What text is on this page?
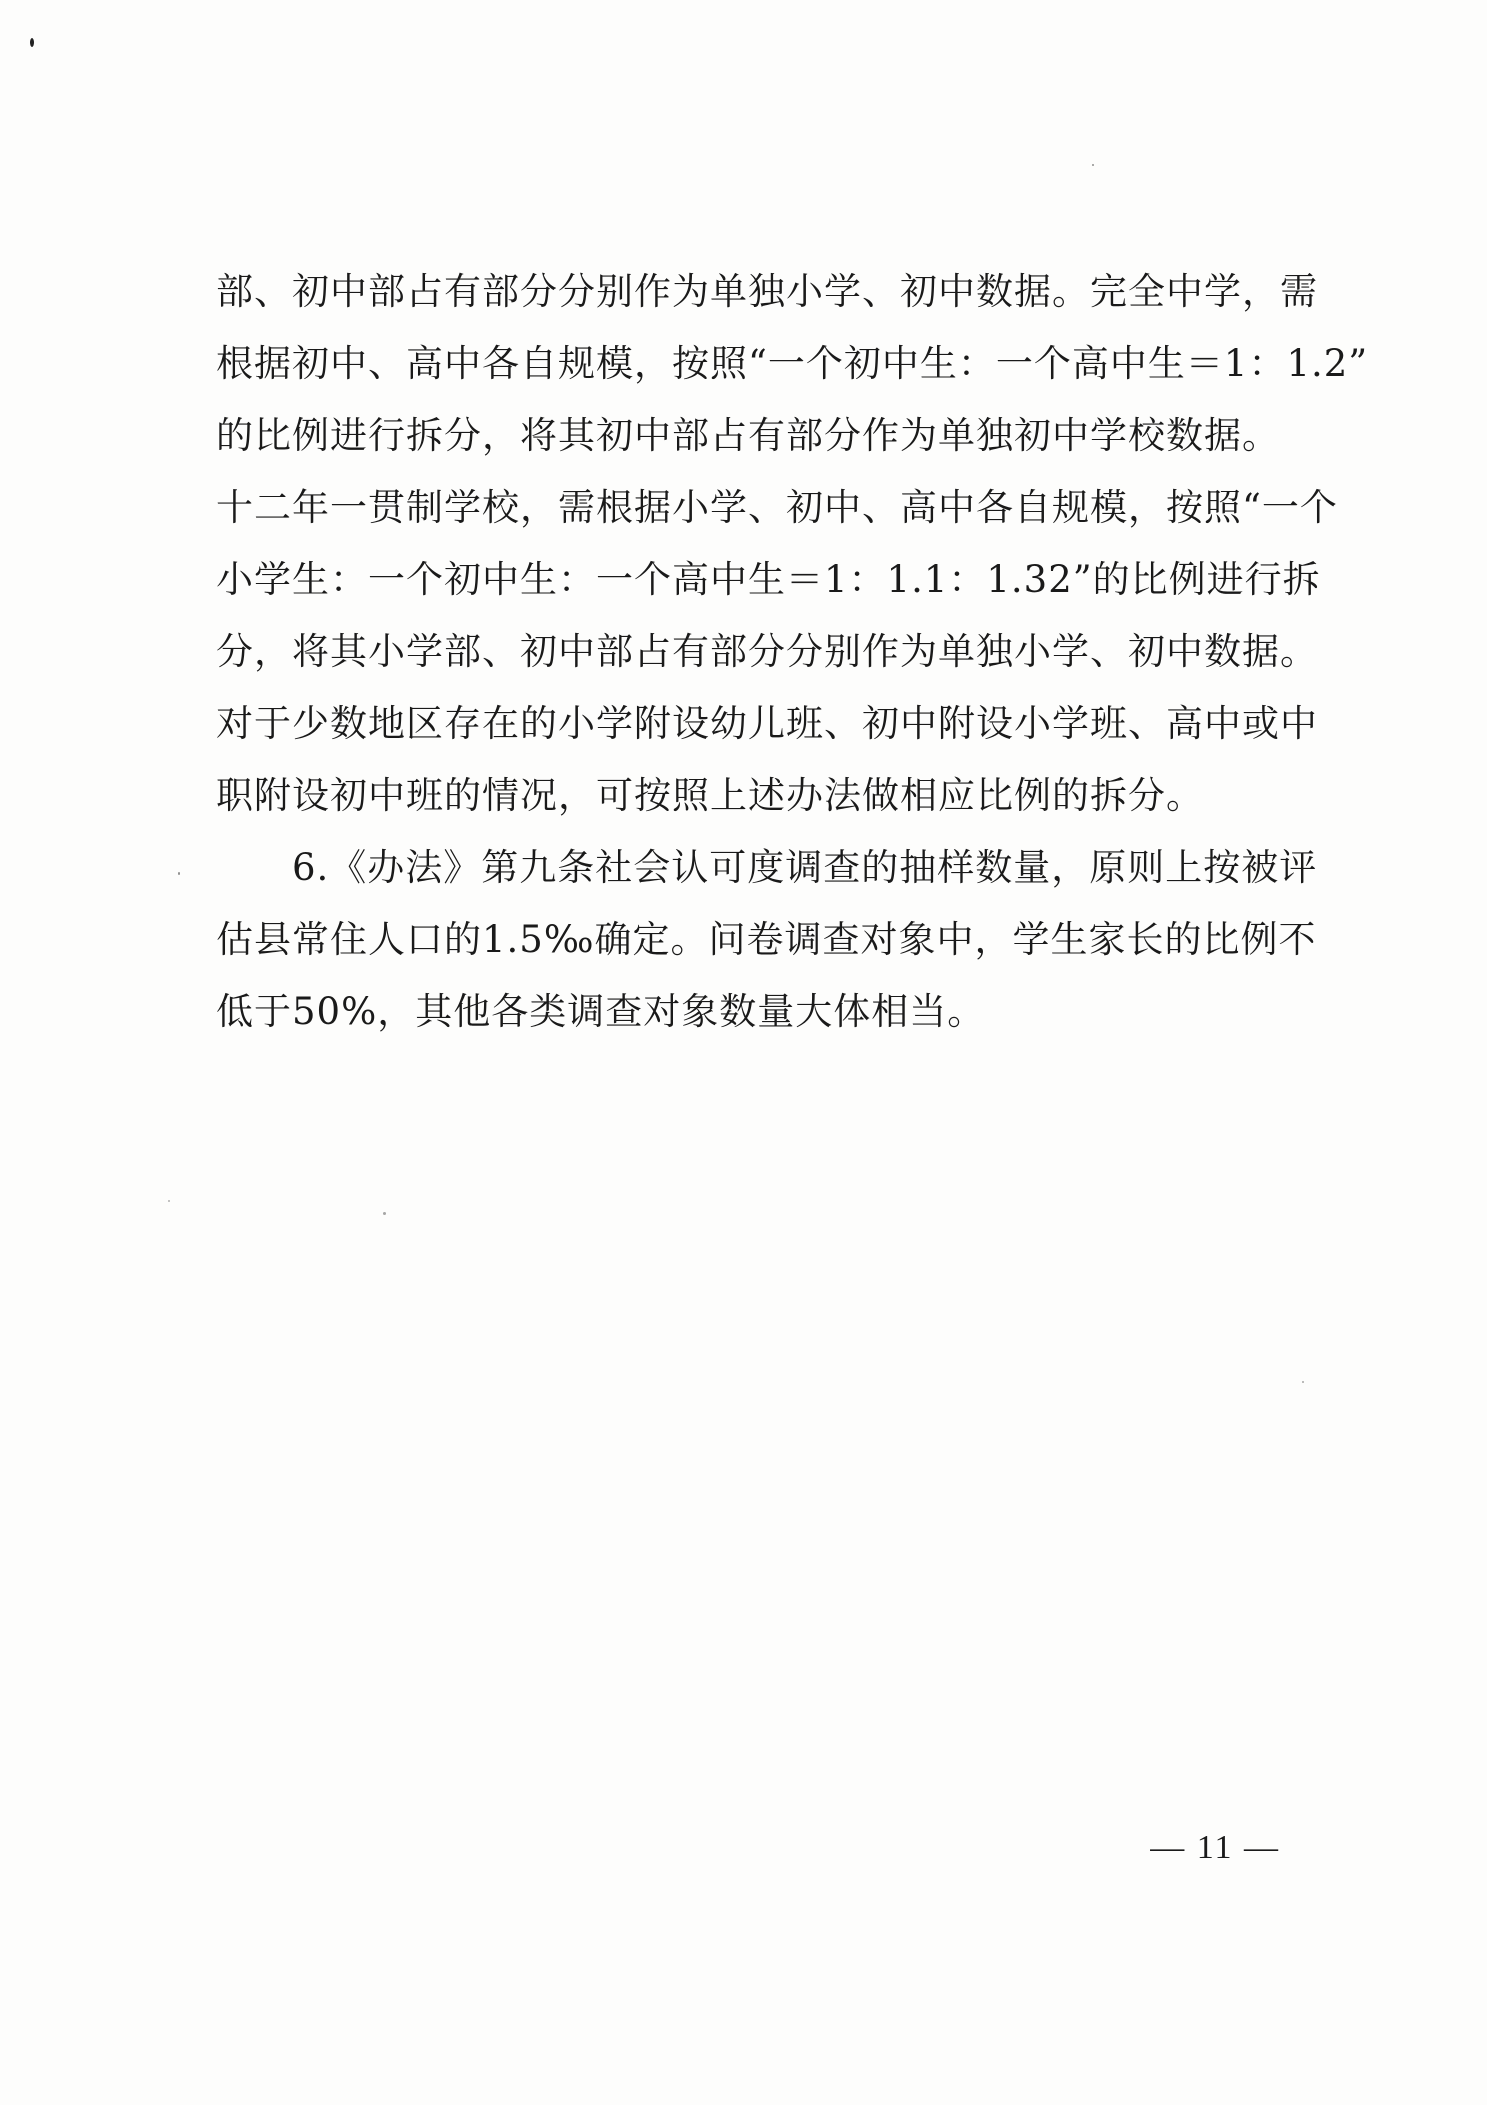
部、初中部占有部分分别作为单独小学、初中数据。完全中学，需
根据初中、高中各自规模，按照“一个初中生：一个高中生＝1：1.2”
的比例进行拆分，将其初中部占有部分作为单独初中学校数据。
十二年一贯制学校，需根据小学、初中、高中各自规模，按照“一个
小学生：一个初中生：一个高中生＝1：1.1：1.32”的比例进行拆
分，将其小学部、初中部占有部分分别作为单独小学、初中数据。
对于少数地区存在的小学附设幼儿班、初中附设小学班、高中或中
职附设初中班的情况，可按照上述办法做相应比例的拆分。
6.《办法》第九条社会认可度调查的抽样数量，原则上按被评
估县常住人口的1.5‰确定。问卷调查对象中，学生家长的比例不
低于50%，其他各类调查对象数量大体相当。
— 11 —
